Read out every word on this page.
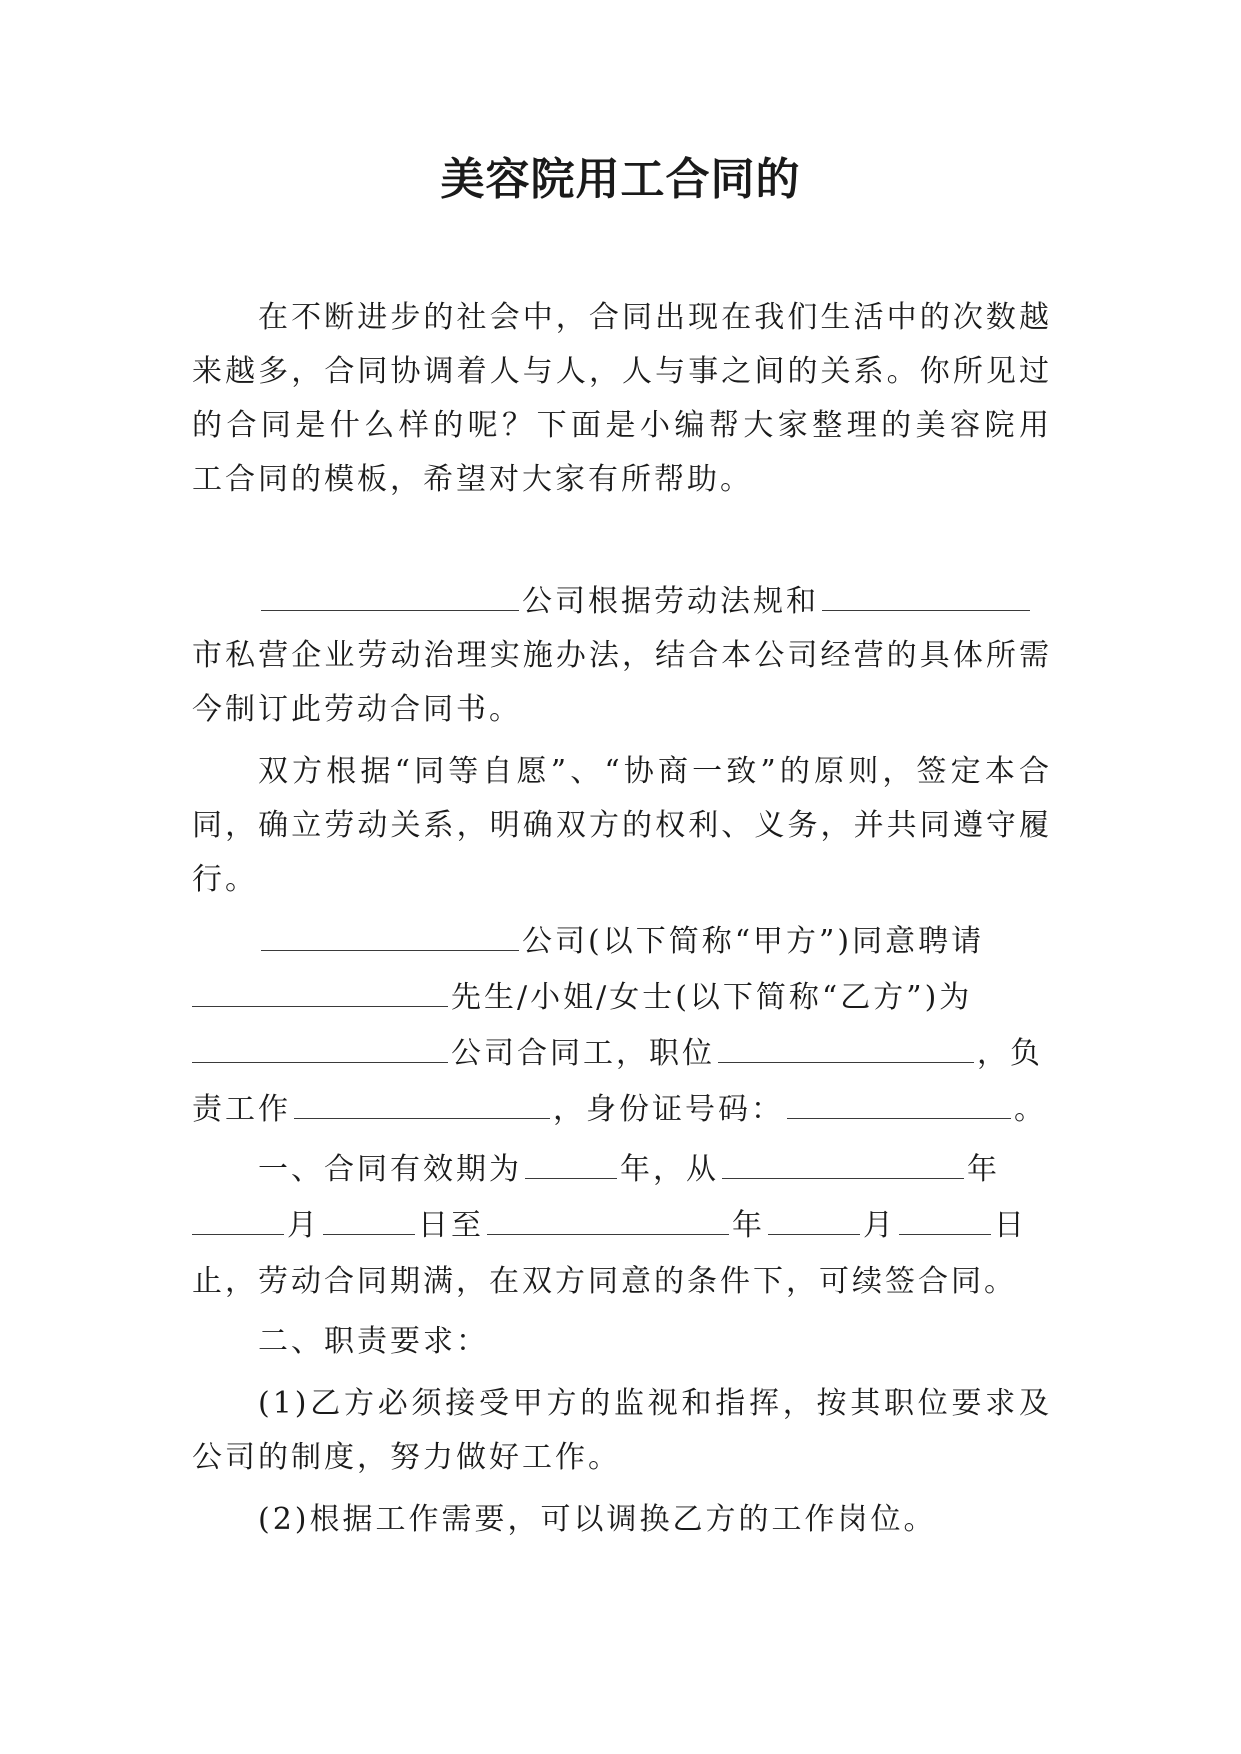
美容院用工合同的
在不断进步的社会中，合同出现在我们生活中的次数越
来越多，合同协调着人与人，人与事之间的关系。你所见过
的合同是什么样的呢？下面是小编帮大家整理的美容院用
工合同的模板，希望对大家有所帮助。
公司根据劳动法规和
市私营企业劳动治理实施办法，结合本公司经营的具体所需
今制订此劳动合同书。
双方根据“同等自愿”、“协商一致”的原则，签定本合
同，确立劳动关系，明确双方的权利、义务，并共同遵守履
行。
公司(以下简称“甲方”)同意聘请
先生/小姐/女士(以下简称“乙方”)为
公司合同工，职位	，负
责工作	，身份证号码：	。
一、合同有效期为	年，从	年
月	日至	年	月	日
止，劳动合同期满，在双方同意的条件下，可续签合同。
二、职责要求：
(1)乙方必须接受甲方的监视和指挥，按其职位要求及
公司的制度，努力做好工作。
(2)根据工作需要，可以调换乙方的工作岗位。
